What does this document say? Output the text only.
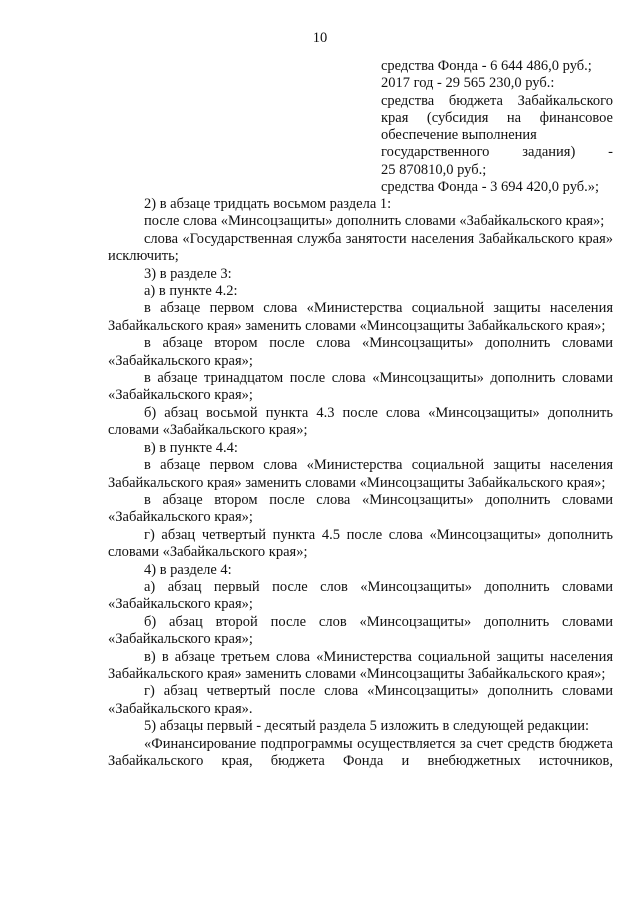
10
средства Фонда - 6 644 486,0 руб.;
2017 год - 29 565 230,0 руб.:
средства бюджета Забайкальского
края (субсидия на финансовое
обеспечение выполнения
государственного задания) -
25 870810,0 руб.;
средства Фонда - 3 694 420,0 руб.»;

2) в абзаце тридцать восьмом раздела 1:

после слова «Минсоцзащиты» дополнить словами «Забайкальского края»;

слова «Государственная служба занятости населения Забайкальского края» исключить;

3) в разделе 3:

а) в пункте 4.2:

в абзаце первом слова «Министерства социальной защиты населения Забайкальского края» заменить словами «Минсоцзащиты Забайкальского края»;

в абзаце втором после слова «Минсоцзащиты» дополнить словами «Забайкальского края»;

в абзаце тринадцатом после слова «Минсоцзащиты» дополнить словами «Забайкальского края»;

б) абзац восьмой пункта 4.3 после слова «Минсоцзащиты» дополнить словами «Забайкальского края»;

в) в пункте 4.4:

в абзаце первом слова «Министерства социальной защиты населения Забайкальского края» заменить словами «Минсоцзащиты Забайкальского края»;

в абзаце втором после слова «Минсоцзащиты» дополнить словами «Забайкальского края»;

г) абзац четвертый пункта 4.5 после слова «Минсоцзащиты» дополнить словами «Забайкальского края»;

4) в разделе 4:

а) абзац первый после слов «Минсоцзащиты» дополнить словами «Забайкальского края»;

б) абзац второй после слов «Минсоцзащиты» дополнить словами «Забайкальского края»;

в) в абзаце третьем слова «Министерства социальной защиты населения Забайкальского края» заменить словами «Минсоцзащиты Забайкальского края»;

г) абзац четвертый после слова «Минсоцзащиты» дополнить словами «Забайкальского края».

5) абзацы первый - десятый раздела 5 изложить в следующей редакции:

«Финансирование подпрограммы осуществляется за счет средств бюджета Забайкальского края, бюджета Фонда и внебюджетных источников,
